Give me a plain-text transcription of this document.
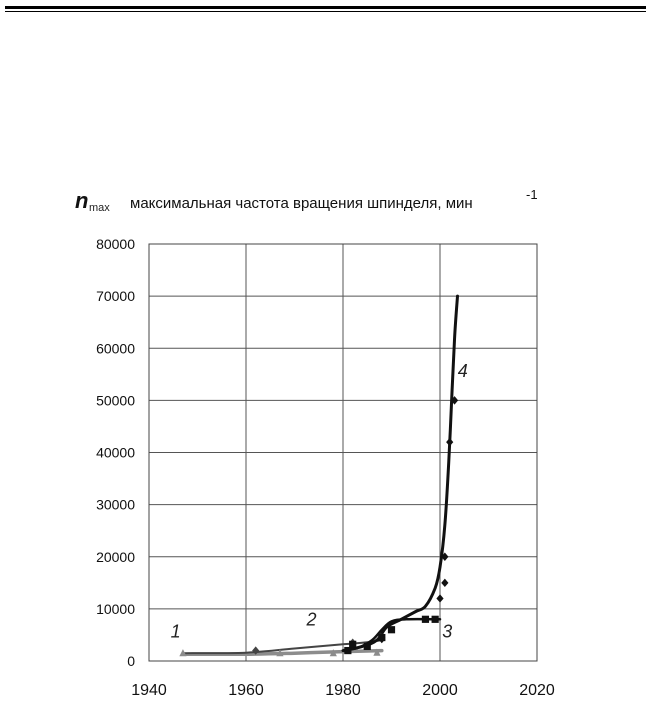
n max максимальная частота вращения шпинделя, мин
-1
0
10000
20000
30000
40000
50000
60000
70000
80000
1940	1960	1980	2000	2020
1
2
3
4
